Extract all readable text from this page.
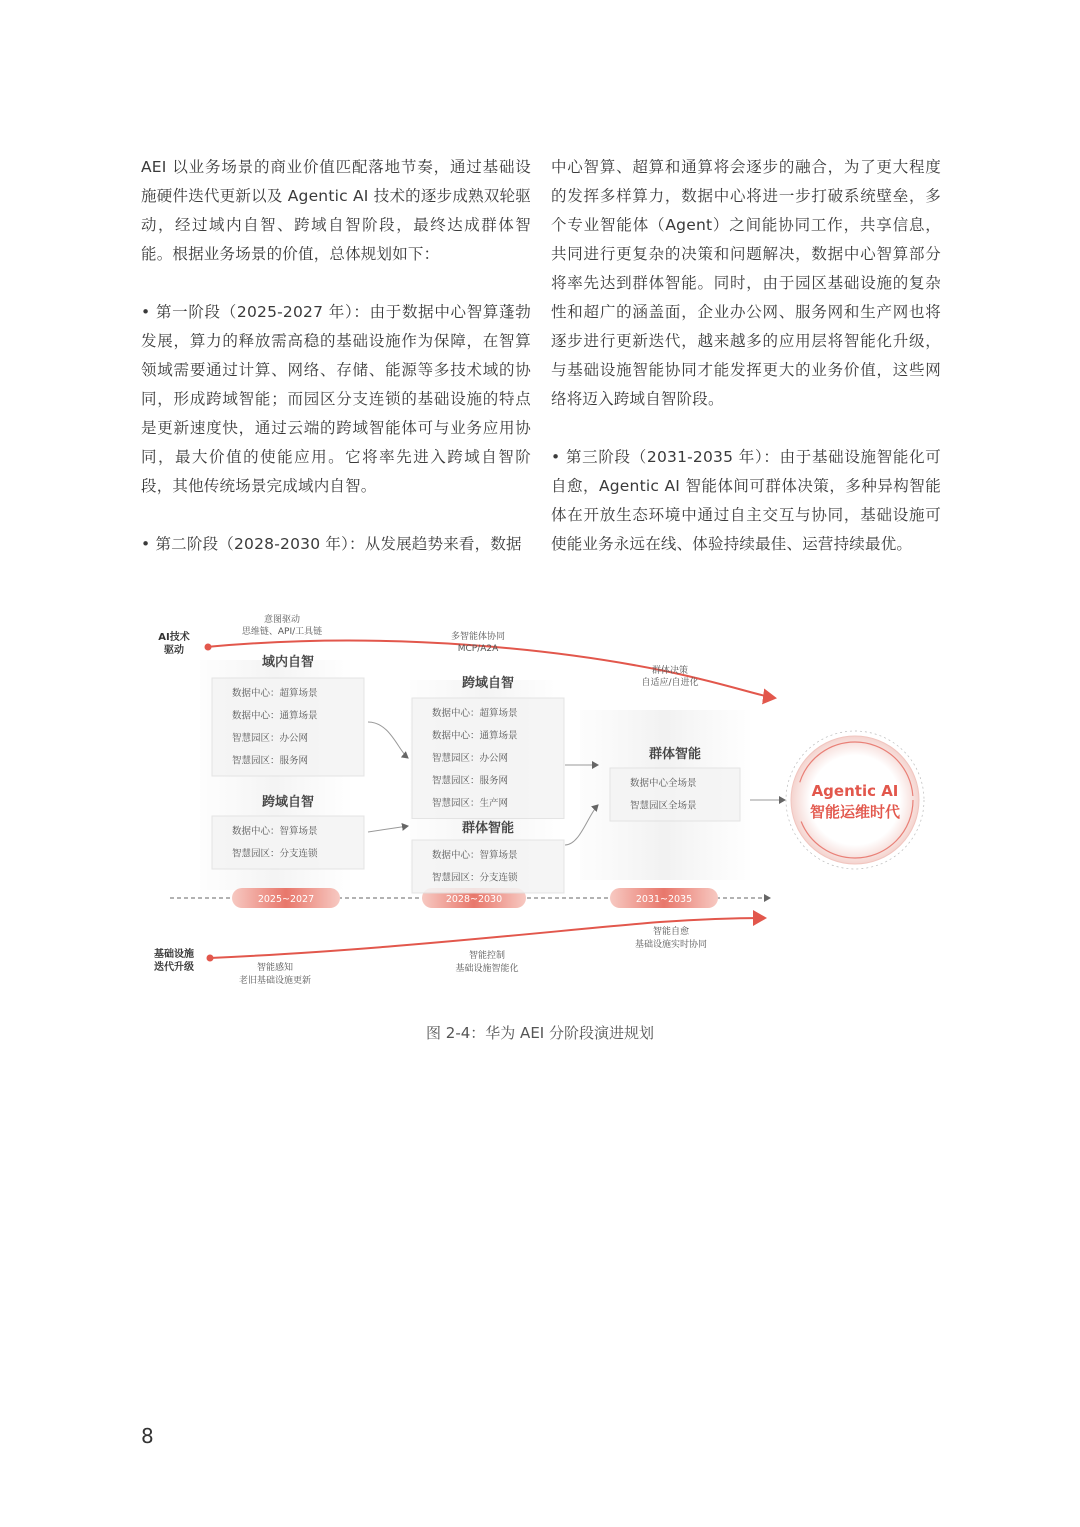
AEI 以业务场景的商业价值匹配落地节奏，通过基础设施硬件迭代更新以及 Agentic AI 技术的逐步成熟双轮驱动，经过域内自智、跨域自智阶段，最终达成群体智能。根据业务场景的价值，总体规划如下：

• 第一阶段（2025-2027 年）：由于数据中心智算蓬勃发展，算力的释放需高稳的基础设施作为保障，在智算领域需要通过计算、网络、存储、能源等多技术域的协同，形成跨域智能；而园区分支连锁的基础设施的特点是更新速度快，通过云端的跨域智能体可与业务应用协同，最大价值的使能应用。它将率先进入跨域自智阶段，其他传统场景完成域内自智。

• 第二阶段（2028-2030 年）：从发展趋势来看，数据

中心智算、超算和通算将会逐步的融合，为了更大程度的发挥多样算力，数据中心将进一步打破系统壁垒，多个专业智能体（Agent）之间能协同工作，共享信息，共同进行更复杂的决策和问题解决，数据中心智算部分将率先达到群体智能。同时，由于园区基础设施的复杂性和超广的涵盖面，企业办公网、服务网和生产网也将逐步进行更新迭代，越来越多的应用层将智能化升级，与基础设施智能协同才能发挥更大的业务价值，这些网络将迈入跨域自智阶段。

• 第三阶段（2031-2035 年）：由于基础设施智能化可自愈，Agentic AI 智能体间可群体决策，多种异构智能体在开放生态环境中通过自主交互与协同，基础设施可使能业务永远在线、体验持续最佳、运营持续最优。

AI技术
驱动
基础设施
迭代升级
意图驱动
思维链、API/工具链	多智能体协同
MCP/A2A
群体决策
自适应/自进化
智能感知
老旧基础设施更新
智能控制
基础设施智能化
智能自愈
基础设施实时协同
2025~2027	2028~2030	2031~2035
域内自智
数据中心：超算场景
数据中心：通算场景
智慧园区：办公网
智慧园区：服务网
跨域自智
数据中心：智算场景
智慧园区：分支连锁
跨域自智
数据中心：超算场景
数据中心：通算场景
智慧园区：办公网
智慧园区：服务网
智慧园区：生产网
群体智能
数据中心：智算场景
智慧园区：分支连锁
群体智能
数据中心全场景
智慧园区全场景
Agentic AI
智能运维时代
图 2-4：华为 AEI 分阶段演进规划
8
